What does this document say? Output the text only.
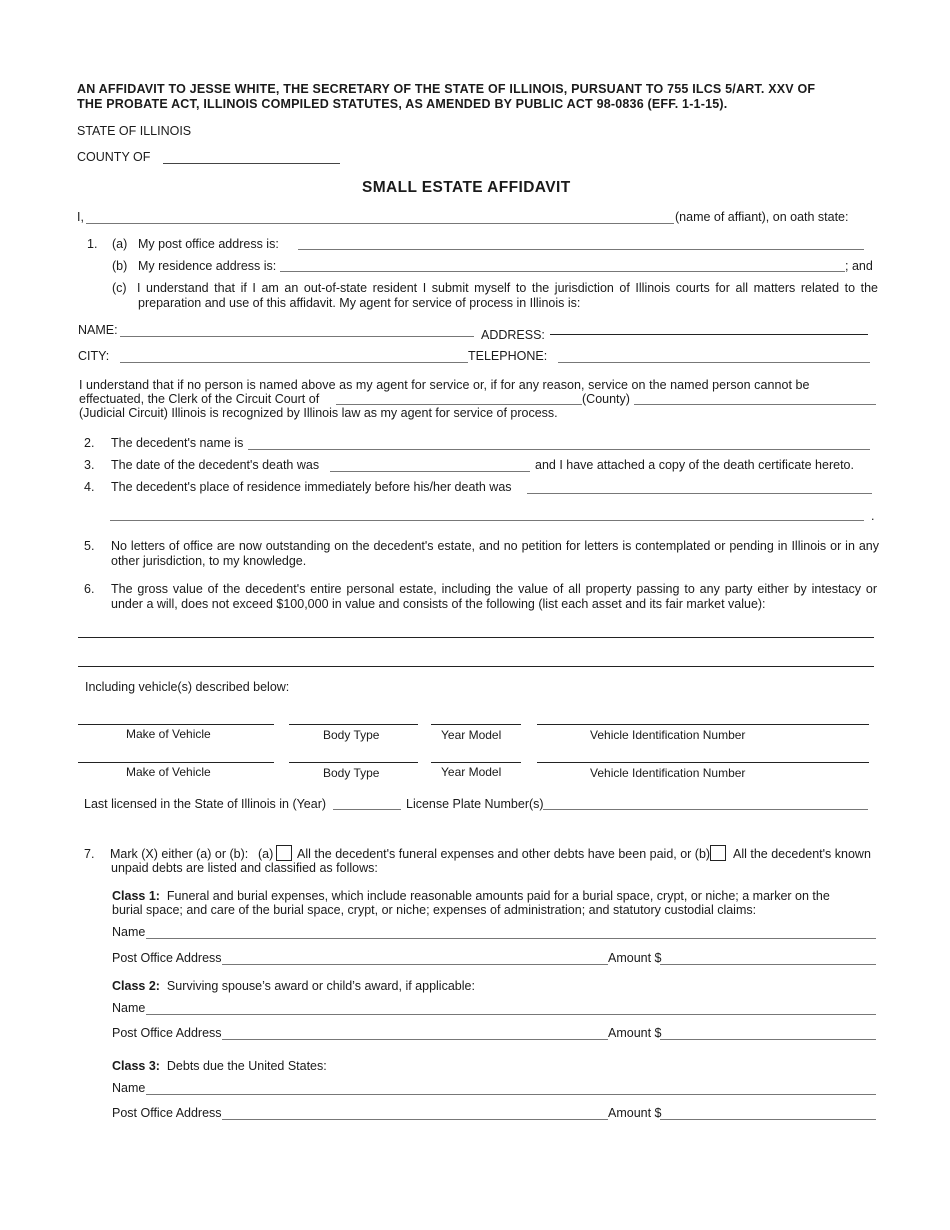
AN AFFIDAVIT TO JESSE WHITE, THE SECRETARY OF THE STATE OF ILLINOIS, PURSUANT TO 755 ILCS 5/ART. XXV OF
THE PROBATE ACT, ILLINOIS COMPILED STATUTES, AS AMENDED BY PUBLIC ACT 98-0836 (EFF. 1-1-15).
STATE OF ILLINOIS
COUNTY OF
SMALL ESTATE AFFIDAVIT
I,	(name of affiant), on oath state:
1. (a) My post office address is:
(b) My residence address is:	; and
(c) I understand that if I am an out-of-state resident I submit myself to the jurisdiction of Illinois courts for all matters related to the preparation and use of this affidavit. My agent for service of process in Illinois is:
NAME:	ADDRESS:
CITY:	TELEPHONE:
I understand that if no person is named above as my agent for service or, if for any reason, service on the named person cannot be
effectuated, the Clerk of the Circuit Court of	(County)
(Judicial Circuit) Illinois is recognized by Illinois law as my agent for service of process.
2. The decedent's name is
3. The date of the decedent's death was	and I have attached a copy of the death certificate hereto.
4. The decedent's place of residence immediately before his/her death was
.
5. No letters of office are now outstanding on the decedent's estate, and no petition for letters is contemplated or pending in Illinois or in any other jurisdiction, to my knowledge.
6. The gross value of the decedent's entire personal estate, including the value of all property passing to any party either by intestacy or under a will, does not exceed $100,000 in value and consists of the following (list each asset and its fair market value):
Including vehicle(s) described below:
Make of Vehicle	Body Type	Year Model	Vehicle Identification Number
Make of Vehicle	Body Type	Year Model	Vehicle Identification Number
Last licensed in the State of Illinois in (Year)	License Plate Number(s)
7. Mark (X) either (a) or (b): (a) All the decedent's funeral expenses and other debts have been paid, or (b) All the decedent's known
unpaid debts are listed and classified as follows:
Class 1: Funeral and burial expenses, which include reasonable amounts paid for a burial space, crypt, or niche; a marker on the
burial space; and care of the burial space, crypt, or niche; expenses of administration; and statutory custodial claims:
Name
Post Office Address	Amount $
Class 2: Surviving spouse’s award or child’s award, if applicable:
Name
Post Office Address	Amount $
Class 3: Debts due the United States:
Name
Post Office Address	Amount $
